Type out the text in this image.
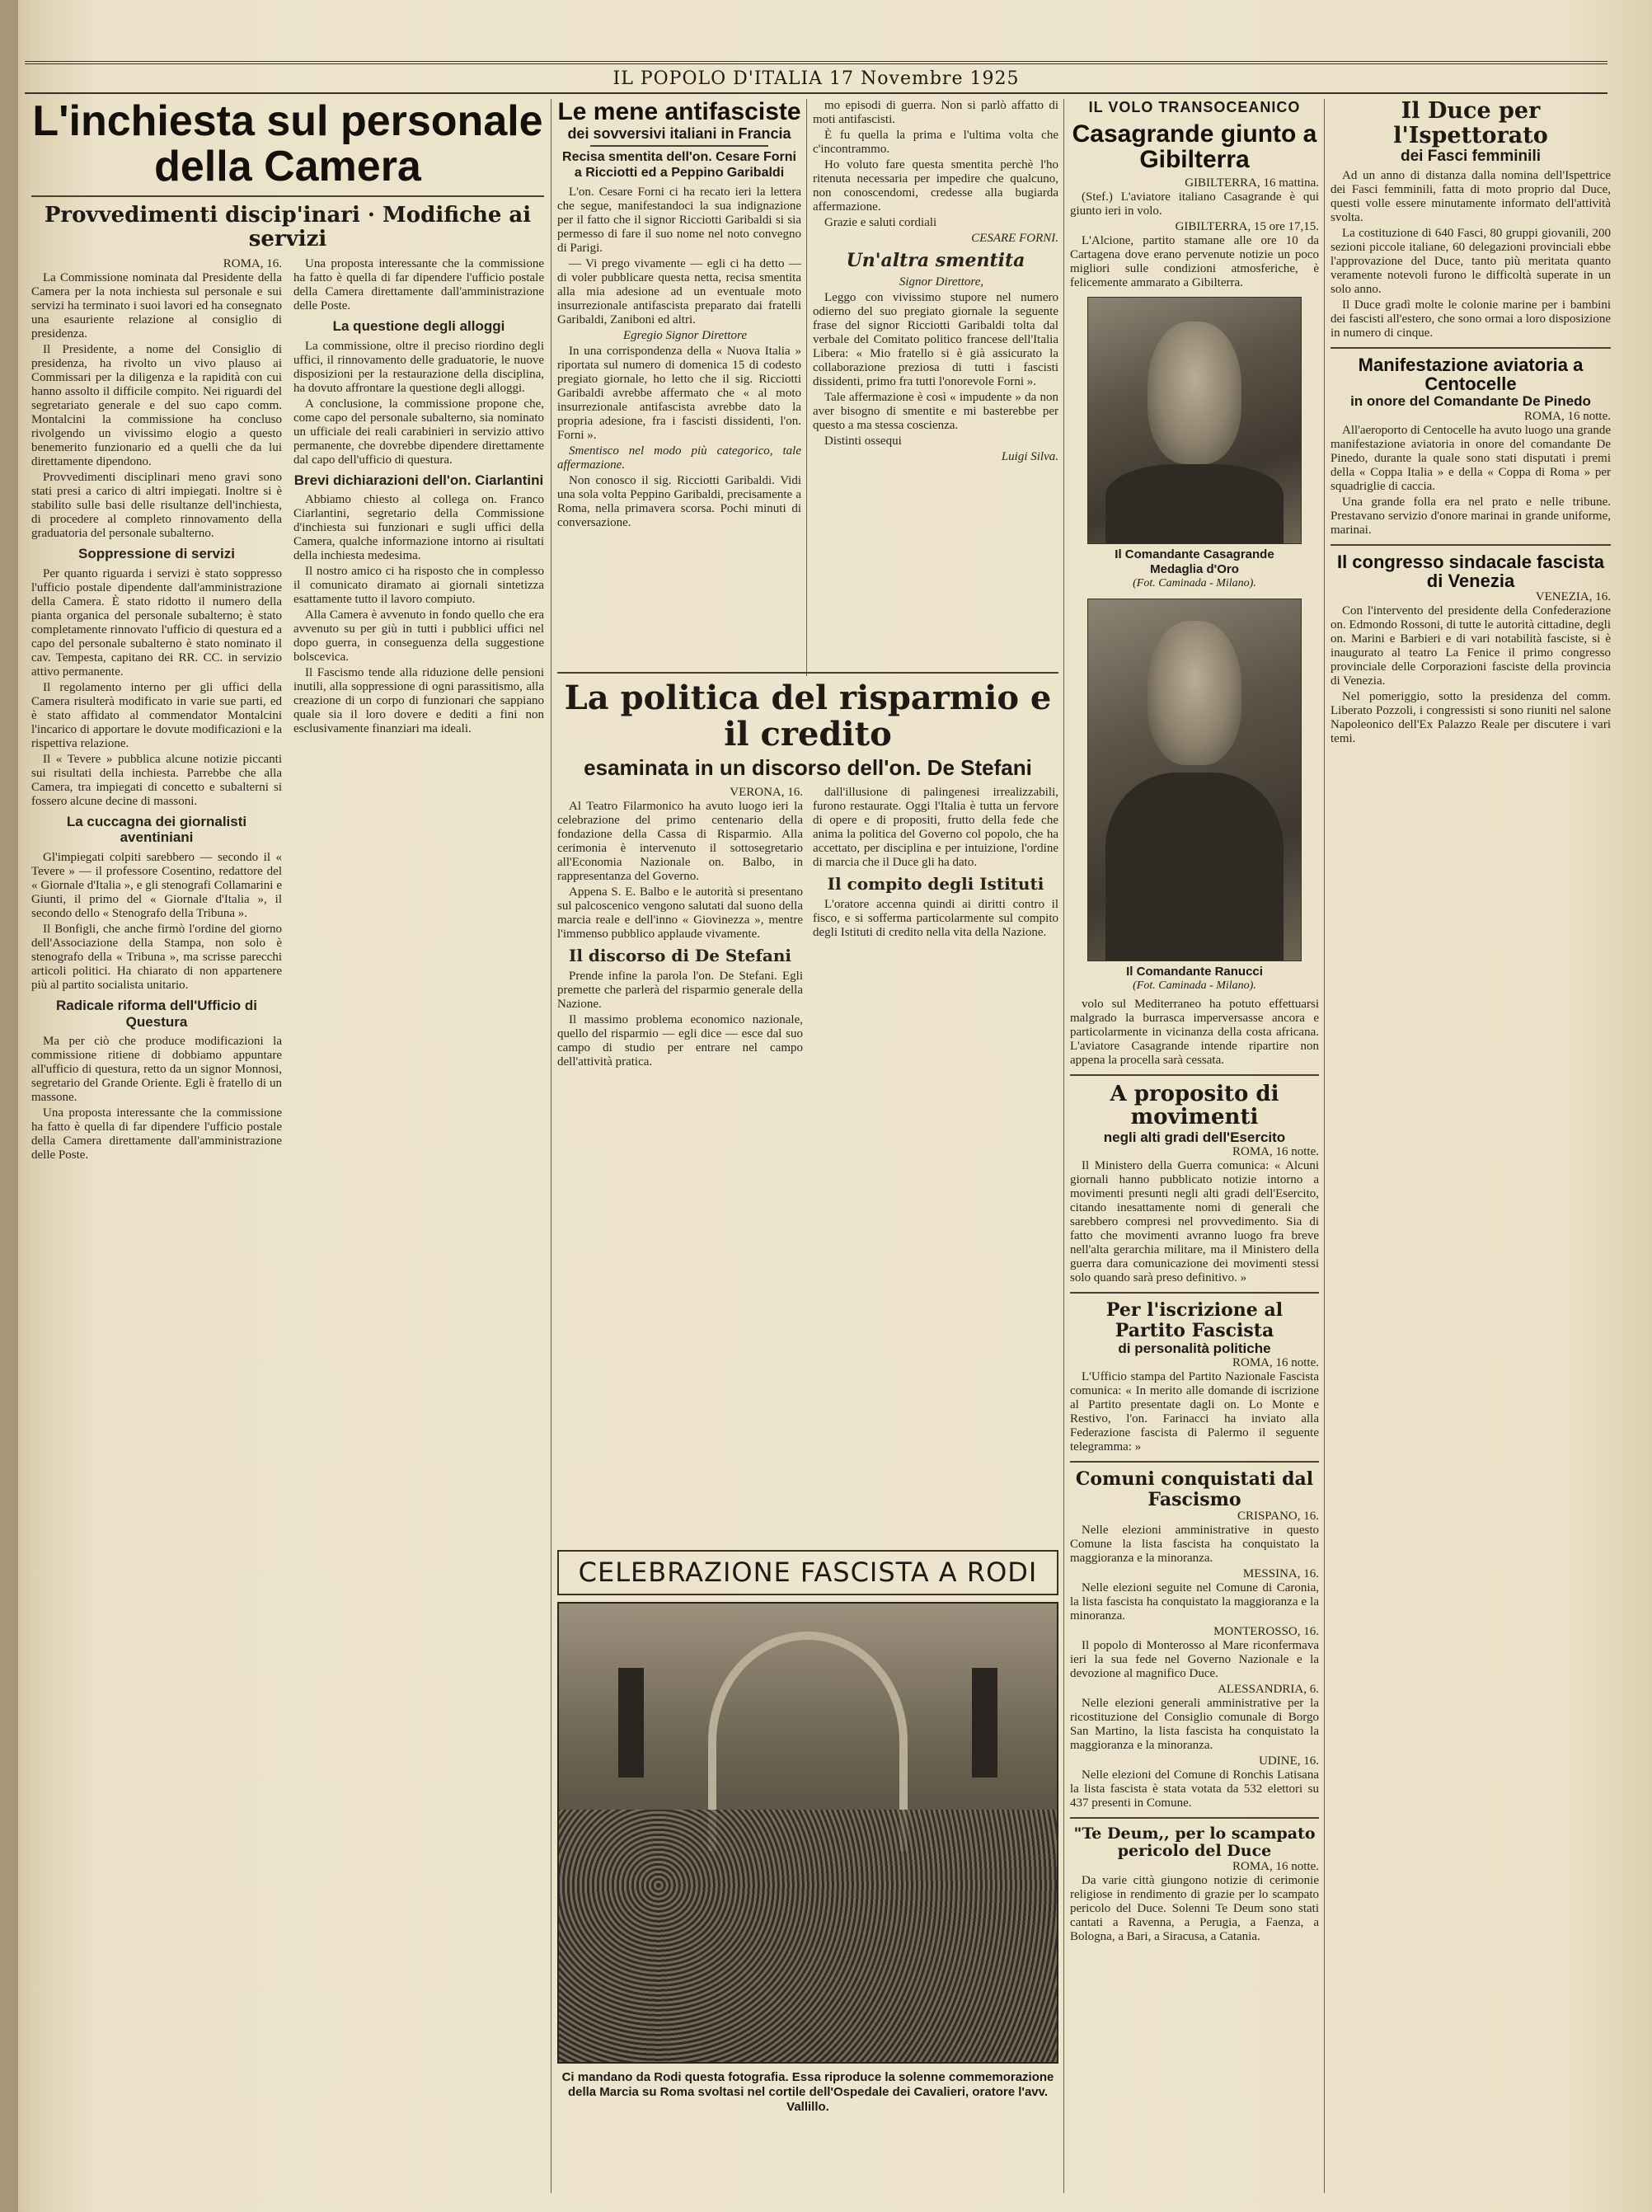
IL POPOLO D'ITALIA 17 Novembre 1925
L'inchiesta sul personale della Camera
Provvedimenti discip'inari · Modifiche ai servizi
ROMA, 16.

La Commissione nominata dal Presidente della Camera per la nota inchiesta sul personale e sui servizi ha terminato i suoi lavori ed ha consegnato una esauriente relazione al consiglio di presidenza.

Il Presidente, a nome del Consiglio di presidenza, ha rivolto un vivo plauso ai Commissari per la diligenza e la rapidità con cui hanno assolto il difficile compito. Nei riguardi del segretariato generale e del suo capo comm. Montalcini la commissione ha concluso rivolgendo un vivissimo elogio a questo benemerito funzionario ed a quelli che da lui direttamente dipendono.

Provvedimenti disciplinari meno gravi sono stati presi a carico di altri impiegati. Inoltre si è stabilito sulle basi delle risultanze dell'inchiesta, di procedere al completo rinnovamento della graduatoria del personale subalterno.

Soppressione di servizi

Per quanto riguarda i servizi è stato soppresso l'ufficio postale dipendente dall'amministrazione della Camera. È stato ridotto il numero della pianta organica del personale subalterno; è stato completamente rinnovato l'ufficio di questura ed a capo del personale subalterno è stato nominato il cav. Tempesta, capitano dei RR. CC. in servizio attivo permanente.

Il regolamento interno per gli uffici della Camera risulterà modificato in varie sue parti, ed è stato affidato al commendator Montalcini l'incarico di apportare le dovute modificazioni e la rispettiva relazione.

Il « Tevere » pubblica alcune notizie piccanti sui risultati della inchiesta. Parrebbe che alla Camera, tra impiegati di concetto e subalterni si fossero alcune decine di massoni.

La cuccagna dei giornalisti aventiniani

Gl'impiegati colpiti sarebbero — secondo il « Tevere » — il professore Cosentino, redattore del « Giornale d'Italia », e gli stenografi Collamarini e Giunti, il primo del « Giornale d'Italia », il secondo dello « Stenografo della Tribuna ».

Il Bonfigli, che anche firmò l'ordine del giorno dell'Associazione della Stampa, non solo è stenografo della « Tribuna », ma scrisse parecchi articoli politici. Ha chiarato di non appartenere più al partito socialista unitario.

Radicale riforma dell'Ufficio di Questura

Ma per ciò che produce modificazioni la commissione ritiene di dobbiamo appuntare all'ufficio di questura, retto da un signor Monnosi, segretario del Grande Oriente. Egli è fratello di un massone.

Una proposta interessante che la commissione ha fatto è quella di far dipendere l'ufficio postale della Camera direttamente dall'amministrazione delle Poste.

Una proposta interessante che la commissione ha fatto è quella di far dipendere l'ufficio postale della Camera direttamente dall'amministrazione delle Poste.

La questione degli alloggi

La commissione, oltre il preciso riordino degli uffici, il rinnovamento delle graduatorie, le nuove disposizioni per la restaurazione della disciplina, ha dovuto affrontare la questione degli alloggi.

A conclusione, la commissione propone che, come capo del personale subalterno, sia nominato un ufficiale dei reali carabinieri in servizio attivo permanente, che dovrebbe dipendere direttamente dal capo dell'ufficio di questura.

Brevi dichiarazioni dell'on. Ciarlantini

Abbiamo chiesto al collega on. Franco Ciarlantini, segretario della Commissione d'inchiesta sui funzionari e sugli uffici della Camera, qualche informazione intorno ai risultati della inchiesta medesima.

Il nostro amico ci ha risposto che in complesso il comunicato diramato ai giornali sintetizza esattamente tutto il lavoro compiuto.

Alla Camera è avvenuto in fondo quello che era avvenuto su per giù in tutti i pubblici uffici nel dopo guerra, in conseguenza della suggestione bolscevica.

Il Fascismo tende alla riduzione delle pensioni inutili, alla soppressione di ogni parassitismo, alla creazione di un corpo di funzionari che sappiano quale sia il loro dovere e dediti a fini non esclusivamente finanziari ma ideali.

Le mene antifasciste
dei sovversivi italiani in Francia
Recisa smentita dell'on. Cesare Forni a Ricciotti ed a Peppino Garibaldi

L'on. Cesare Forni ci ha recato ieri la lettera che segue, manifestandoci la sua indignazione per il fatto che il signor Ricciotti Garibaldi si sia permesso di fare il suo nome nel noto convegno di Parigi.

— Vi prego vivamente — egli ci ha detto — di voler pubblicare questa netta, recisa smentita alla mia adesione ad un eventuale moto insurrezionale antifascista preparato dai fratelli Garibaldi, Zaniboni ed altri.

Egregio Signor Direttore

In una corrispondenza della « Nuova Italia » riportata sul numero di domenica 15 di codesto pregiato giornale, ho letto che il sig. Ricciotti Garibaldi avrebbe affermato che « al moto insurrezionale antifascista avrebbe dato la propria adesione, fra i fascisti dissidenti, l'on. Forni ».

Smentisco nel modo più categorico, tale affermazione.

Non conosco il sig. Ricciotti Garibaldi. Vidi una sola volta Peppino Garibaldi, precisamente a Roma, nella primavera scorsa. Pochi minuti di conversazione.

mo episodi di guerra. Non si parlò affatto di moti antifascisti.

È fu quella la prima e l'ultima volta che c'incontrammo.

Ho voluto fare questa smentita perchè l'ho ritenuta necessaria per impedire che qualcuno, non conoscendomi, credesse alla bugiarda affermazione.

Grazie e saluti cordiali

CESARE FORNI.
Un'altra smentita

Signor Direttore,

Leggo con vivissimo stupore nel numero odierno del suo pregiato giornale la seguente frase del signor Ricciotti Garibaldi tolta dal verbale del Comitato politico francese dell'Italia Libera: « Mio fratello si è già assicurato la collaborazione preziosa di tutti i fascisti dissidenti, primo fra tutti l'onorevole Forni ».

Tale affermazione è così « impudente » da non aver bisogno di smentite e mi basterebbe per questo a ma stessa coscienza.

Distinti ossequi

Luigi Silva.
La politica del risparmio e il credito
esaminata in un discorso dell'on. De Stefani
VERONA, 16.

Al Teatro Filarmonico ha avuto luogo ieri la celebrazione del primo centenario della fondazione della Cassa di Risparmio. Alla cerimonia è intervenuto il sottosegretario all'Economia Nazionale on. Balbo, in rappresentanza del Governo.

Appena S. E. Balbo e le autorità si presentano sul palcoscenico vengono salutati dal suono della marcia reale e dell'inno « Giovinezza », mentre l'immenso pubblico applaude vivamente.

Il discorso di De Stefani

Prende infine la parola l'on. De Stefani. Egli premette che parlerà del risparmio generale della Nazione.

Il massimo problema economico nazionale, quello del risparmio — egli dice — esce dal suo campo di studio per entrare nel campo dell'attività pratica.

dall'illusione di palingenesi irrealizzabili, furono restaurate. Oggi l'Italia è tutta un fervore di opere e di propositi, frutto della fede che anima la politica del Governo col popolo, che ha accettato, per disciplina e per intuizione, l'ordine di marcia che il Duce gli ha dato.

Il compito degli Istituti

L'oratore accenna quindi ai diritti contro il fisco, e si sofferma particolarmente sul compito degli Istituti di credito nella vita della Nazione.

CELEBRAZIONE FASCISTA A RODI
Ci mandano da Rodi questa fotografia. Essa riproduce la solenne commemorazione della Marcia su Roma svoltasi nel cortile dell'Ospedale dei Cavalieri, oratore l'avv. Vallillo.
IL VOLO TRANSOCEANICO
Casagrande giunto a Gibilterra
GIBILTERRA, 16 mattina.

(Stef.) L'aviatore italiano Casagrande è qui giunto ieri in volo.

GIBILTERRA, 15 ore 17,15.

L'Alcione, partito stamane alle ore 10 da Cartagena dove erano pervenute notizie un poco migliori sulle condizioni atmosferiche, è felicemente ammarato a Gibilterra.

Il Comandante Casagrande
Medaglia d'Oro
(Fot. Caminada - Milano).
Il Comandante Ranucci
(Fot. Caminada - Milano).

volo sul Mediterraneo ha potuto effettuarsi malgrado la burrasca imperversasse ancora e particolarmente in vicinanza della costa africana. L'aviatore Casagrande intende ripartire non appena la procella sarà cessata.

A proposito di movimenti
negli alti gradi dell'Esercito
ROMA, 16 notte.

Il Ministero della Guerra comunica: « Alcuni giornali hanno pubblicato notizie intorno a movimenti presunti negli alti gradi dell'Esercito, citando inesattamente nomi di generali che sarebbero compresi nel provvedimento. Sia di fatto che movimenti avranno luogo fra breve nell'alta gerarchia militare, ma il Ministero della guerra dara comunicazione dei movimenti stessi solo quando sarà preso definitivo. »

Per l'iscrizione al Partito Fascista
di personalità politiche
ROMA, 16 notte.

L'Ufficio stampa del Partito Nazionale Fascista comunica: « In merito alle domande di iscrizione al Partito presentate dagli on. Lo Monte e Restivo, l'on. Farinacci ha inviato alla Federazione fascista di Palermo il seguente telegramma: »

Comuni conquistati dal Fascismo
CRISPANO, 16.

Nelle elezioni amministrative in questo Comune la lista fascista ha conquistato la maggioranza e la minoranza.

MESSINA, 16.

Nelle elezioni seguite nel Comune di Caronia, la lista fascista ha conquistato la maggioranza e la minoranza.

MONTEROSSO, 16.

Il popolo di Monterosso al Mare riconfermava ieri la sua fede nel Governo Nazionale e la devozione al magnifico Duce.

ALESSANDRIA, 6.

Nelle elezioni generali amministrative per la ricostituzione del Consiglio comunale di Borgo San Martino, la lista fascista ha conquistato la maggioranza e la minoranza.

UDINE, 16.

Nelle elezioni del Comune di Ronchis Latisana la lista fascista è stata votata da 532 elettori su 437 presenti in Comune.

"Te Deum,, per lo scampato pericolo del Duce
ROMA, 16 notte.

Da varie città giungono notizie di cerimonie religiose in rendimento di grazie per lo scampato pericolo del Duce. Solenni Te Deum sono stati cantati a Ravenna, a Perugia, a Faenza, a Bologna, a Bari, a Siracusa, a Catania.

Il Duce per l'Ispettorato
dei Fasci femminili

Ad un anno di distanza dalla nomina dell'Ispettrice dei Fasci femminili, fatta di moto proprio dal Duce, questi volle essere minutamente informato dell'attività svolta.

La costituzione di 640 Fasci, 80 gruppi giovanili, 200 sezioni piccole italiane, 60 delegazioni provinciali ebbe l'approvazione del Duce, tanto più meritata quanto veramente notevoli furono le difficoltà superate in un solo anno.

Il Duce gradì molte le colonie marine per i bambini dei fascisti all'estero, che sono ormai a loro disposizione in numero di cinque.

Manifestazione aviatoria a Centocelle
in onore del Comandante De Pinedo
ROMA, 16 notte.

All'aeroporto di Centocelle ha avuto luogo una grande manifestazione aviatoria in onore del comandante De Pinedo, durante la quale sono stati disputati i premi della « Coppa Italia » e della « Coppa di Roma » per squadriglie di caccia.

Una grande folla era nel prato e nelle tribune. Prestavano servizio d'onore marinai in grande uniforme, marinai.

Il congresso sindacale fascista di Venezia
VENEZIA, 16.

Con l'intervento del presidente della Confederazione on. Edmondo Rossoni, di tutte le autorità cittadine, degli on. Marini e Barbieri e di vari notabilità fasciste, si è inaugurato al teatro La Fenice il primo congresso provinciale delle Corporazioni fasciste della provincia di Venezia.

Nel pomeriggio, sotto la presidenza del comm. Liberato Pozzoli, i congressisti si sono riuniti nel salone Napoleonico dell'Ex Palazzo Reale per discutere i vari temi.
